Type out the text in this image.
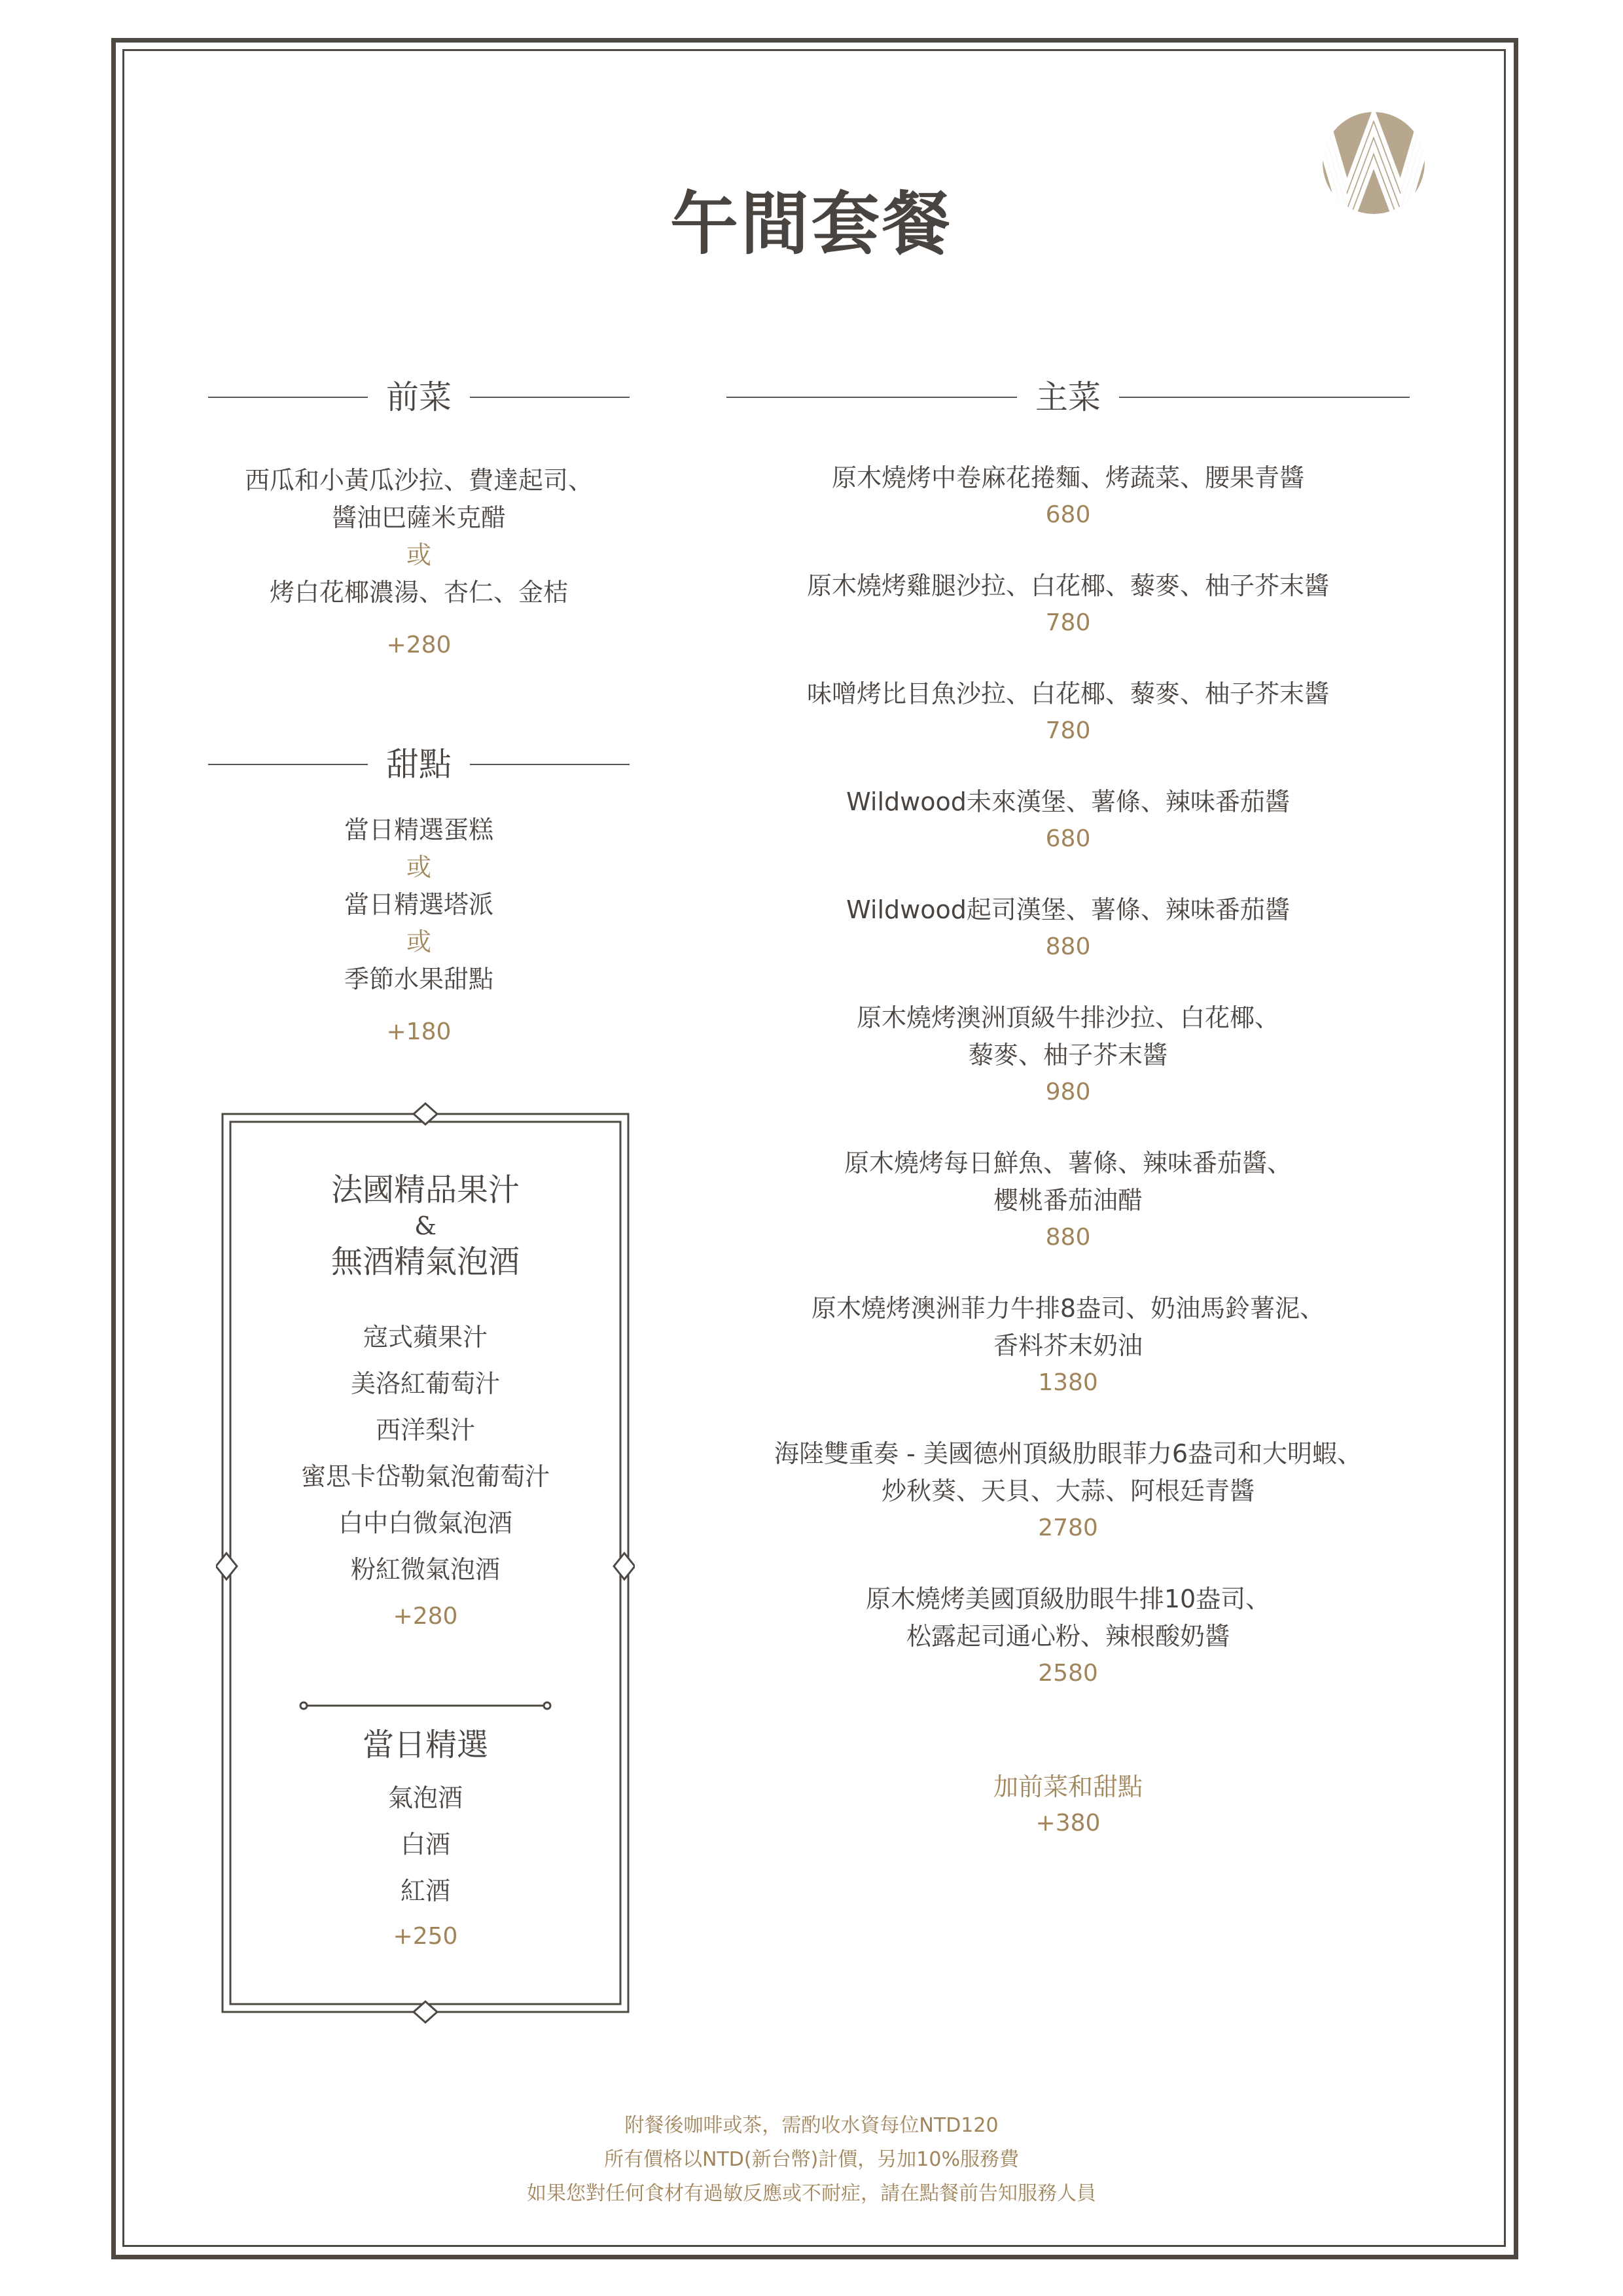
午間套餐
前菜
西瓜和小黃瓜沙拉、費達起司、
醬油巴薩米克醋
或
烤白花椰濃湯、杏仁、金桔
+280
甜點
當日精選蛋糕
或
當日精選塔派
或
季節水果甜點
+180
法國精品果汁
&
無酒精氣泡酒
寇式蘋果汁
美洛紅葡萄汁
西洋梨汁
蜜思卡岱勒氣泡葡萄汁
白中白微氣泡酒
粉紅微氣泡酒
+280
當日精選
氣泡酒
白酒
紅酒
+250
主菜
原木燒烤中卷麻花捲麵、烤蔬菜、腰果青醬
680
原木燒烤雞腿沙拉、白花椰、藜麥、柚子芥末醬
780
味噌烤比目魚沙拉、白花椰、藜麥、柚子芥末醬
780
Wildwood未來漢堡、薯條、辣味番茄醬
680
Wildwood起司漢堡、薯條、辣味番茄醬
880
原木燒烤澳洲頂級牛排沙拉、白花椰、
藜麥、柚子芥末醬
980
原木燒烤每日鮮魚、薯條、辣味番茄醬、
櫻桃番茄油醋
880
原木燒烤澳洲菲力牛排8盎司、奶油馬鈴薯泥、
香料芥末奶油
1380
海陸雙重奏 - 美國德州頂級肋眼菲力6盎司和大明蝦、
炒秋葵、天貝、大蒜、阿根廷青醬
2780
原木燒烤美國頂級肋眼牛排10盎司、
松露起司通心粉、辣根酸奶醬
2580
加前菜和甜點
+380
附餐後咖啡或茶，需酌收水資每位NTD120
所有價格以NTD(新台幣)計價，另加10%服務費
如果您對任何食材有過敏反應或不耐症，請在點餐前告知服務人員
